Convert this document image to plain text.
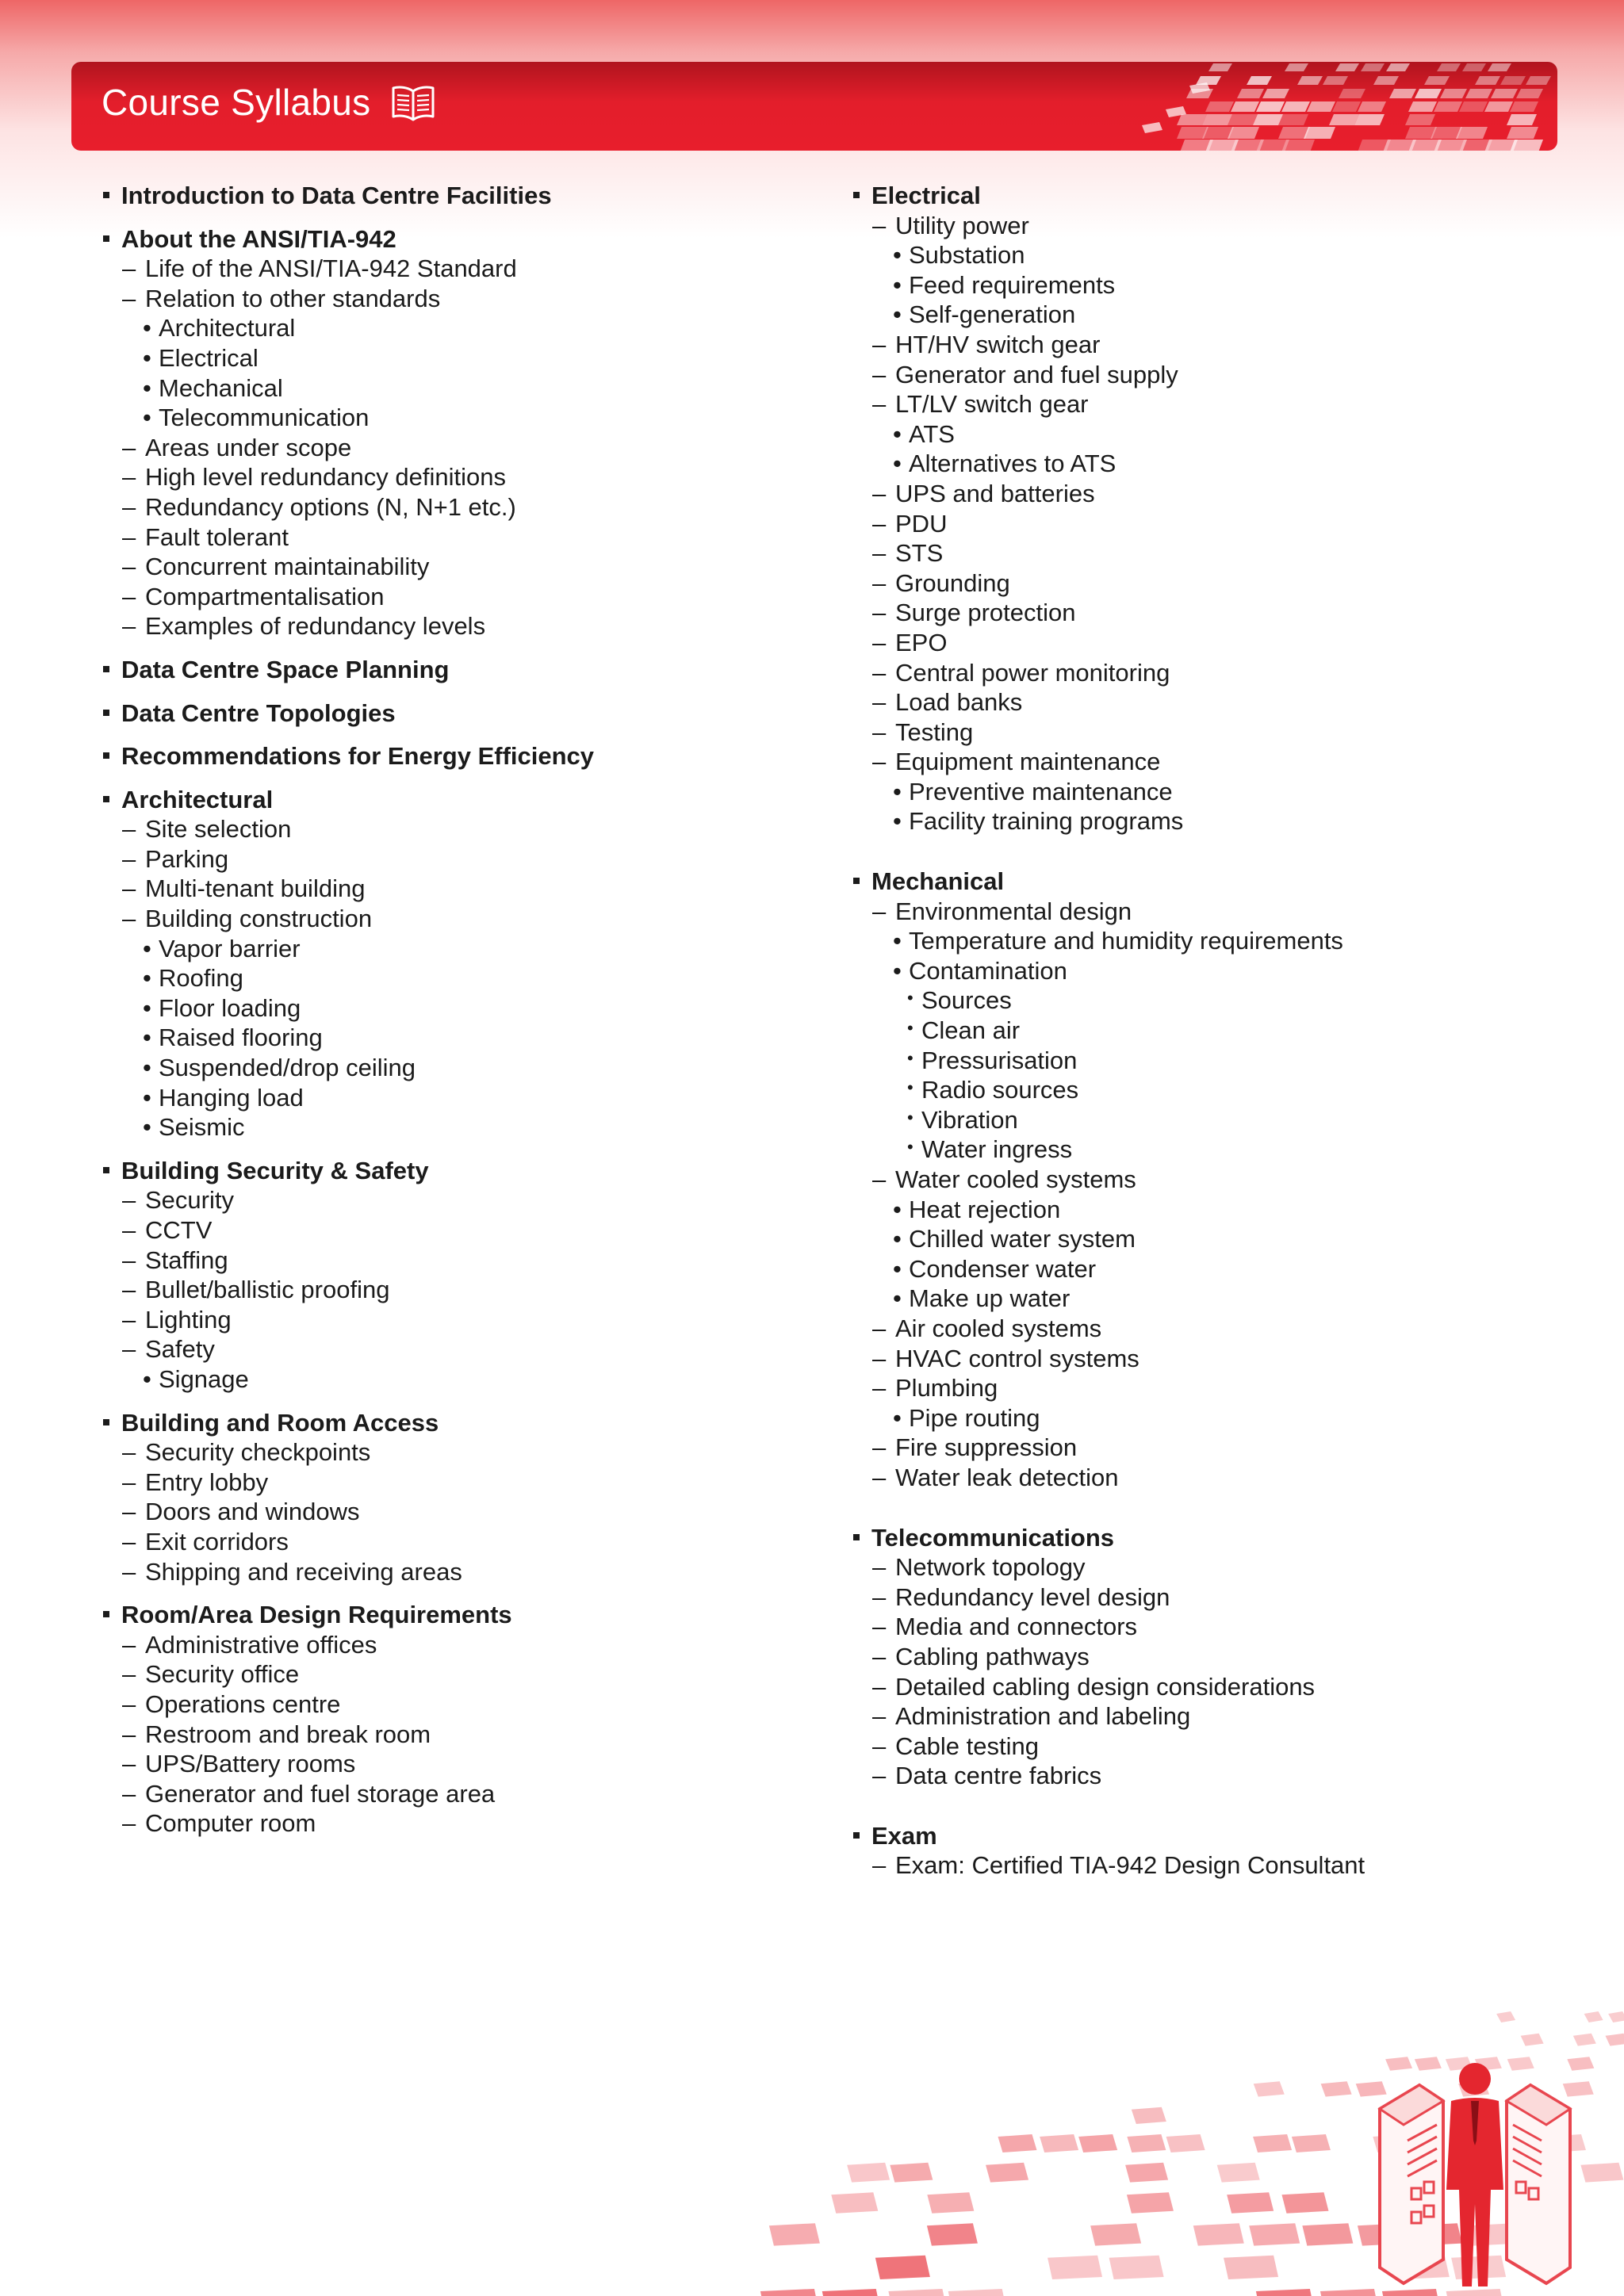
Course Syllabus
Introduction to Data Centre Facilities
About the ANSI/TIA-942
– Life of the ANSI/TIA-942 Standard
– Relation to other standards
• Architectural
• Electrical
• Mechanical
• Telecommunication
– Areas under scope
– High level redundancy definitions
– Redundancy options (N, N+1 etc.)
– Fault tolerant
– Concurrent maintainability
– Compartmentalisation
– Examples of redundancy levels
Data Centre Space Planning
Data Centre Topologies
Recommendations for Energy Efficiency
Architectural
– Site selection
– Parking
– Multi-tenant building
– Building construction
• Vapor barrier
• Roofing
• Floor loading
• Raised flooring
• Suspended/drop ceiling
• Hanging load
• Seismic
Building Security & Safety
– Security
– CCTV
– Staffing
– Bullet/ballistic proofing
– Lighting
– Safety
• Signage
Building and Room Access
– Security checkpoints
– Entry lobby
– Doors and windows
– Exit corridors
– Shipping and receiving areas
Room/Area Design Requirements
– Administrative offices
– Security office
– Operations centre
– Restroom and break room
– UPS/Battery rooms
– Generator and fuel storage area
– Computer room
Electrical
– Utility power
• Substation
• Feed requirements
• Self-generation
– HT/HV switch gear
– Generator and fuel supply
– LT/LV switch gear
• ATS
• Alternatives to ATS
– UPS and batteries
– PDU
– STS
– Grounding
– Surge protection
– EPO
– Central power monitoring
– Load banks
– Testing
– Equipment maintenance
• Preventive maintenance
• Facility training programs
Mechanical
– Environmental design
• Temperature and humidity requirements
• Contamination
• Sources
• Clean air
• Pressurisation
• Radio sources
• Vibration
• Water ingress
– Water cooled systems
• Heat rejection
• Chilled water system
• Condenser water
• Make up water
– Air cooled systems
– HVAC control systems
– Plumbing
• Pipe routing
– Fire suppression
– Water leak detection
Telecommunications
– Network topology
– Redundancy level design
– Media and connectors
– Cabling pathways
– Detailed cabling design considerations
– Administration and labeling
– Cable testing
– Data centre fabrics
Exam
– Exam: Certified TIA-942 Design Consultant
